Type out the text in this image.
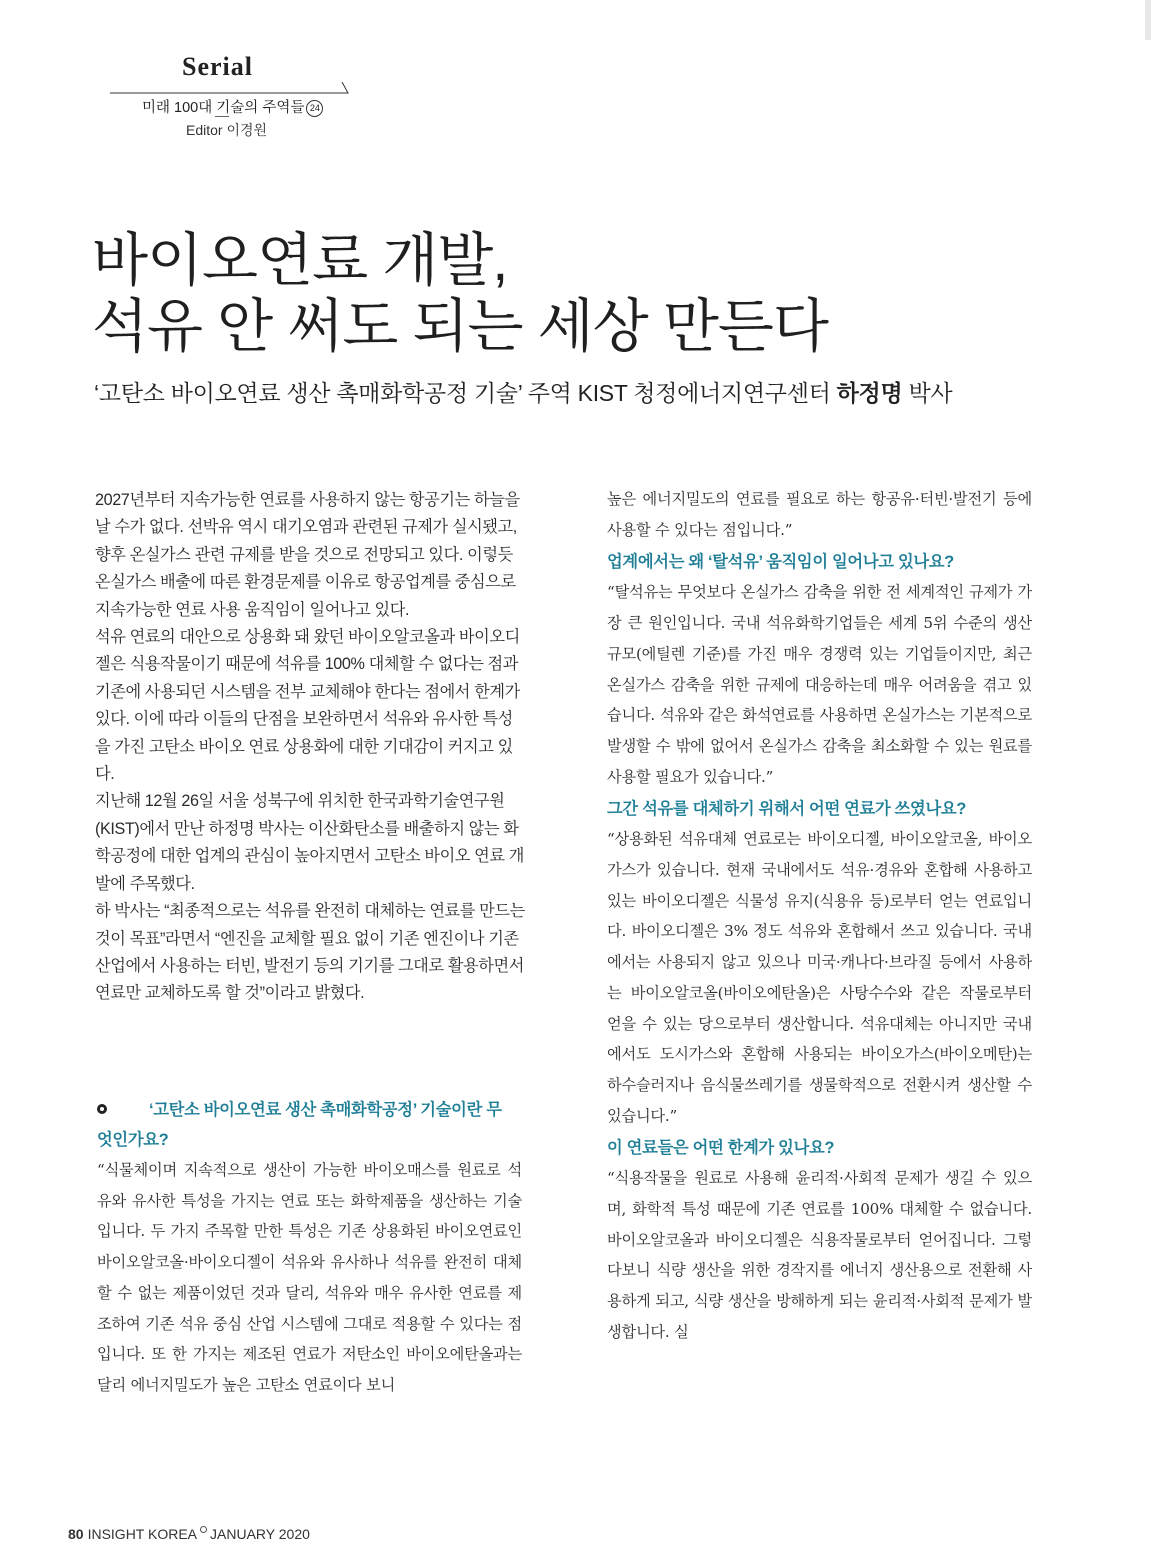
Serial
미래 100대 기술의 주역들 24
Editor 이경원
바이오연료 개발,
석유 안 써도 되는 세상 만든다
‘고탄소 바이오연료 생산 촉매화학공정 기술’ 주역 KIST 청정에너지연구센터 하정명 박사

2027년부터 지속가능한 연료를 사용하지 않는 항공기는 하늘을 날 수가 없다. 선박유 역시 대기오염과 관련된 규제가 실시됐고, 향후 온실가스 관련 규제를 받을 것으로 전망되고 있다. 이렇듯 온실가스 배출에 따른 환경문제를 이유로 항공업계를 중심으로 지속가능한 연료 사용 움직임이 일어나고 있다.

석유 연료의 대안으로 상용화 돼 왔던 바이오알코올과 바이오디젤은 식용작물이기 때문에 석유를 100% 대체할 수 없다는 점과 기존에 사용되던 시스템을 전부 교체해야 한다는 점에서 한계가 있다. 이에 따라 이들의 단점을 보완하면서 석유와 유사한 특성을 가진 고탄소 바이오 연료 상용화에 대한 기대감이 커지고 있다.

지난해 12월 26일 서울 성북구에 위치한 한국과학기술연구원(KIST)에서 만난 하정명 박사는 이산화탄소를 배출하지 않는 화학공정에 대한 업계의 관심이 높아지면서 고탄소 바이오 연료 개발에 주목했다.

하 박사는 “최종적으로는 석유를 완전히 대체하는 연료를 만드는 것이 목표”라면서 “엔진을 교체할 필요 없이 기존 엔진이나 기존 산업에서 사용하는 터빈, 발전기 등의 기기를 그대로 활용하면서 연료만 교체하도록 할 것”이라고 밝혔다.

‘고탄소 바이오연료 생산 촉매화학공정’ 기술이란 무
엇인가요?

“식물체이며 지속적으로 생산이 가능한 바이오매스를 원료로 석유와 유사한 특성을 가지는 연료 또는 화학제품을 생산하는 기술입니다. 두 가지 주목할 만한 특성은 기존 상용화된 바이오연료인 바이오알코올·바이오디젤이 석유와 유사하나 석유를 완전히 대체할 수 없는 제품이었던 것과 달리, 석유와 매우 유사한 연료를 제조하여 기존 석유 중심 산업 시스템에 그대로 적용할 수 있다는 점입니다. 또 한 가지는 제조된 연료가 저탄소인 바이오에탄올과는 달리 에너지밀도가 높은 고탄소 연료이다 보니

높은 에너지밀도의 연료를 필요로 하는 항공유·터빈·발전기 등에 사용할 수 있다는 점입니다.”

업계에서는 왜 ‘탈석유’ 움직임이 일어나고 있나요?

“탈석유는 무엇보다 온실가스 감축을 위한 전 세계적인 규제가 가장 큰 원인입니다. 국내 석유화학기업들은 세계 5위 수준의 생산 규모(에틸렌 기준)를 가진 매우 경쟁력 있는 기업들이지만, 최근 온실가스 감축을 위한 규제에 대응하는데 매우 어려움을 겪고 있습니다. 석유와 같은 화석연료를 사용하면 온실가스는 기본적으로 발생할 수 밖에 없어서 온실가스 감축을 최소화할 수 있는 원료를 사용할 필요가 있습니다.”

그간 석유를 대체하기 위해서 어떤 연료가 쓰였나요?

“상용화된 석유대체 연료로는 바이오디젤, 바이오알코올, 바이오가스가 있습니다. 현재 국내에서도 석유·경유와 혼합해 사용하고 있는 바이오디젤은 식물성 유지(식용유 등)로부터 얻는 연료입니다. 바이오디젤은 3% 정도 석유와 혼합해서 쓰고 있습니다. 국내에서는 사용되지 않고 있으나 미국·캐나다·브라질 등에서 사용하는 바이오알코올(바이오에탄올)은 사탕수수와 같은 작물로부터 얻을 수 있는 당으로부터 생산합니다. 석유대체는 아니지만 국내에서도 도시가스와 혼합해 사용되는 바이오가스(바이오메탄)는 하수슬러지나 음식물쓰레기를 생물학적으로 전환시켜 생산할 수 있습니다.”

이 연료들은 어떤 한계가 있나요?

“식용작물을 원료로 사용해 윤리적·사회적 문제가 생길 수 있으며, 화학적 특성 때문에 기존 연료를 100% 대체할 수 없습니다. 바이오알코올과 바이오디젤은 식용작물로부터 얻어집니다. 그렇다보니 식량 생산을 위한 경작지를 에너지 생산용으로 전환해 사용하게 되고, 식량 생산을 방해하게 되는 윤리적·사회적 문제가 발생합니다. 실

80 INSIGHT KOREA JANUARY 2020
